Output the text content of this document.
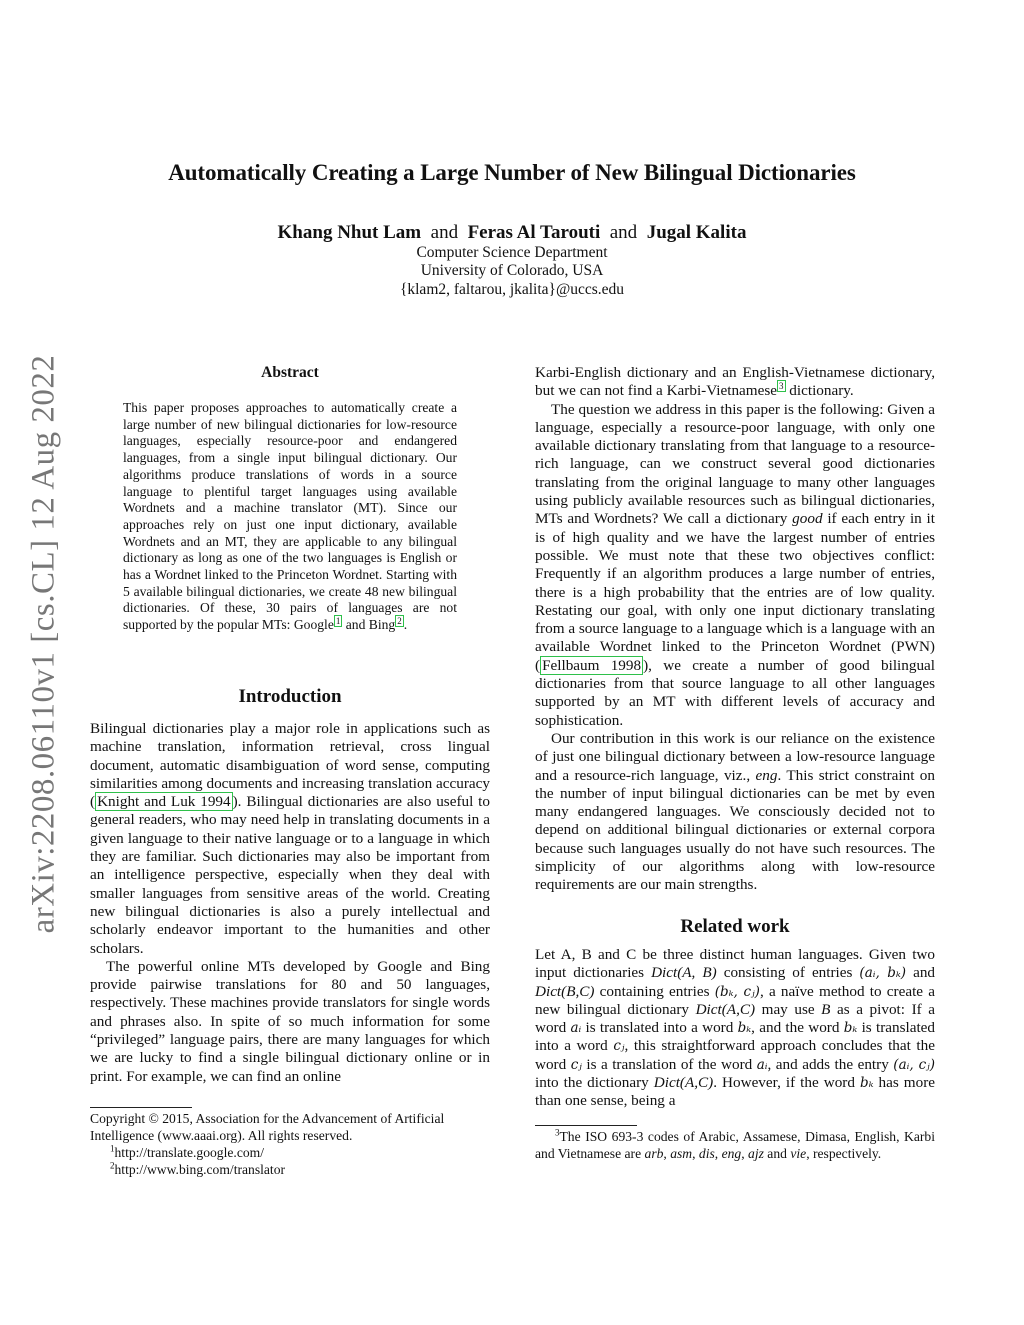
Automatically Creating a Large Number of New Bilingual Dictionaries
Khang Nhut Lam and Feras Al Tarouti and Jugal Kalita
Computer Science Department
University of Colorado, USA
{klam2, faltarou, jkalita}@uccs.edu
arXiv:2208.06110v1 [cs.CL] 12 Aug 2022	Abstract
This paper proposes approaches to automatically create a large number of new bilingual dictionaries for low-resource languages, especially resource-poor and endangered languages, from a single input bilingual dictionary. Our algorithms produce translations of words in a source language to plentiful target languages using available Wordnets and a machine translator (MT). Since our approaches rely on just one input dictionary, available Wordnets and an MT, they are applicable to any bilingual dictionary as long as one of the two languages is English or has a Wordnet linked to the Princeton Wordnet. Starting with 5 available bilingual dictionaries, we create 48 new bilingual dictionaries. Of these, 30 pairs of languages are not supported by the popular MTs: Google $^1$ and Bing $^2$ .
Introduction

Bilingual dictionaries play a major role in applications such as machine translation, information retrieval, cross lingual document, automatic disambiguation of word sense, computing similarities among documents and increasing translation accuracy ( Knight and Luk 1994 ). Bilingual dictionaries are also useful to general readers, who may need help in translating documents in a given language to their native language or to a language in which they are familiar. Such dictionaries may also be important from an intelligence perspective, especially when they deal with smaller languages from sensitive areas of the world. Creating new bilingual dictionaries is also a purely intellectual and scholarly endeavor important to the humanities and other scholars.

The powerful online MTs developed by Google and Bing provide pairwise translations for 80 and 50 languages, respectively. These machines provide translators for single words and phrases also. In spite of so much information for some “privileged” language pairs, there are many languages for which we are lucky to find a single bilingual dictionary online or in print. For example, we can find an online

Copyright © 2015, Association for the Advancement of Artificial Intelligence (www.aaai.org). All rights reserved.
$^1$http://translate.google.com/
$^2$http://www.bing.com/translator

Karbi-English dictionary and an English-Vietnamese dictionary, but we can not find a Karbi-Vietnamese $^3$ dictionary.

The question we address in this paper is the following: Given a language, especially a resource-poor language, with only one available dictionary translating from that language to a resource-rich language, can we construct several good dictionaries translating from the original language to many other languages using publicly available resources such as bilingual dictionaries, MTs and Wordnets? We call a dictionary good if each entry in it is of high quality and we have the largest number of entries possible. We must note that these two objectives conflict: Frequently if an algorithm produces a large number of entries, there is a high probability that the entries are of low quality. Restating our goal, with only one input dictionary translating from a source language to a language which is a language with an available Wordnet linked to the Princeton Wordnet (PWN) ( Fellbaum 1998 ), we create a number of good bilingual dictionaries from that source language to all other languages supported by an MT with different levels of accuracy and sophistication.

Our contribution in this work is our reliance on the existence of just one bilingual dictionary between a low-resource language and a resource-rich language, viz., eng. This strict constraint on the number of input bilingual dictionaries can be met by even many endangered languages. We consciously decided not to depend on additional bilingual dictionaries or external corpora because such languages usually do not have such resources. The simplicity of our algorithms along with low-resource requirements are our main strengths.

Related work

Let A, B and C be three distinct human languages. Given two input dictionaries Dict(A, B) consisting of entries (aᵢ, bₖ) and Dict(B,C) containing entries (bₖ, cⱼ), a naïve method to create a new bilingual dictionary Dict(A,C) may use B as a pivot: If a word aᵢ is translated into a word bₖ, and the word bₖ is translated into a word cⱼ, this straightforward approach concludes that the word cⱼ is a translation of the word aᵢ, and adds the entry (aᵢ, cⱼ) into the dictionary Dict(A,C). However, if the word bₖ has more than one sense, being a

$^3$The ISO 693-3 codes of Arabic, Assamese, Dimasa, English, Karbi and Vietnamese are arb, asm, dis, eng, ajz and vie, respectively.
